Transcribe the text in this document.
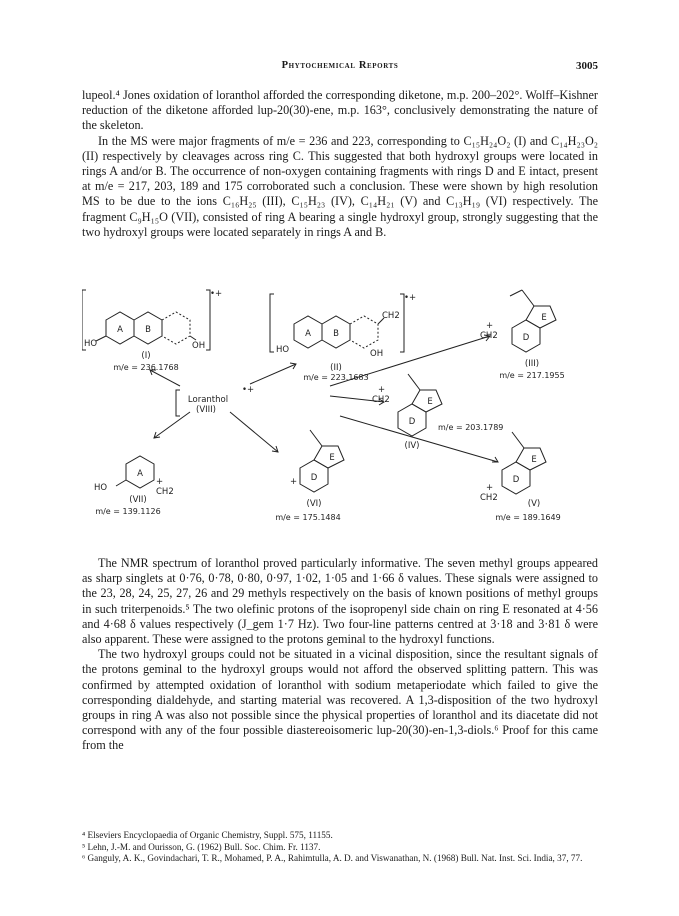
Phytochemical Reports	3005

lupeol.⁴ Jones oxidation of loranthol afforded the corresponding diketone, m.p. 200–202°. Wolff–Kishner reduction of the diketone afforded lup-20(30)-ene, m.p. 163°, conclusively demonstrating the nature of the skeleton.

In the MS were major fragments of m/e = 236 and 223, corresponding to C₁₅H₂₄O₂ (I) and C₁₄H₂₃O₂ (II) respectively by cleavages across ring C. This suggested that both hydroxyl groups were located in rings A and/or B. The occurrence of non-oxygen containing fragments with rings D and E intact, present at m/e = 217, 203, 189 and 175 corroborated such a conclusion. These were shown by high resolution MS to be due to the ions C₁₆H₂₅ (III), C₁₅H₂₃ (IV), C₁₄H₂₁ (V) and C₁₃H₁₉ (VI) respectively. The fragment C₉H₁₅O (VII), consisted of ring A bearing a single hydroxyl group, strongly suggesting that the two hydroxyl groups were located separately in rings A and B.

A	B
HO	OH
•+
(I)
m/e = 236.1768
A	B
CH2
HO	OH
•+
(II)
m/e = 223.1683
D
E
+
CH2
(III)
m/e = 217.1955
D
E
+
CH2
(IV)
m/e = 203.1789
D
E
+
CH2
(V)
m/e = 189.1649
D
E
+
(VI)
m/e = 175.1484
A
HO
+
CH2
(VII)
m/e = 139.1126
Loranthol
•+
(VIII)

The NMR spectrum of loranthol proved particularly informative. The seven methyl groups appeared as sharp singlets at 0·76, 0·78, 0·80, 0·97, 1·02, 1·05 and 1·66 δ values. These signals were assigned to the 23, 28, 24, 25, 27, 26 and 29 methyls respectively on the basis of known positions of methyl groups in such triterpenoids.⁵ The two olefinic protons of the isopropenyl side chain on ring E resonated at 4·56 and 4·68 δ values respectively (J_gem 1·7 Hz). Two four-line patterns centred at 3·18 and 3·81 δ were also apparent. These were assigned to the protons geminal to the hydroxyl functions.

The two hydroxyl groups could not be situated in a vicinal disposition, since the resultant signals of the protons geminal to the hydroxyl groups would not afford the observed splitting pattern. This was confirmed by attempted oxidation of loranthol with sodium metaperiodate which failed to give the corresponding dialdehyde, and starting material was recovered. A 1,3-disposition of the two hydroxyl groups in ring A was also not possible since the physical properties of loranthol and its diacetate did not correspond with any of the four possible diastereoisomeric lup-20(30)-en-1,3-diols.⁶ Proof for this came from the

⁴ Elseviers Encyclopaedia of Organic Chemistry, Suppl. 575, 11155.

⁵ Lehn, J.-M. and Ourisson, G. (1962) Bull. Soc. Chim. Fr. 1137.

⁶ Ganguly, A. K., Govindachari, T. R., Mohamed, P. A., Rahimtulla, A. D. and Viswanathan, N. (1968) Bull. Nat. Inst. Sci. India, 37, 77.
